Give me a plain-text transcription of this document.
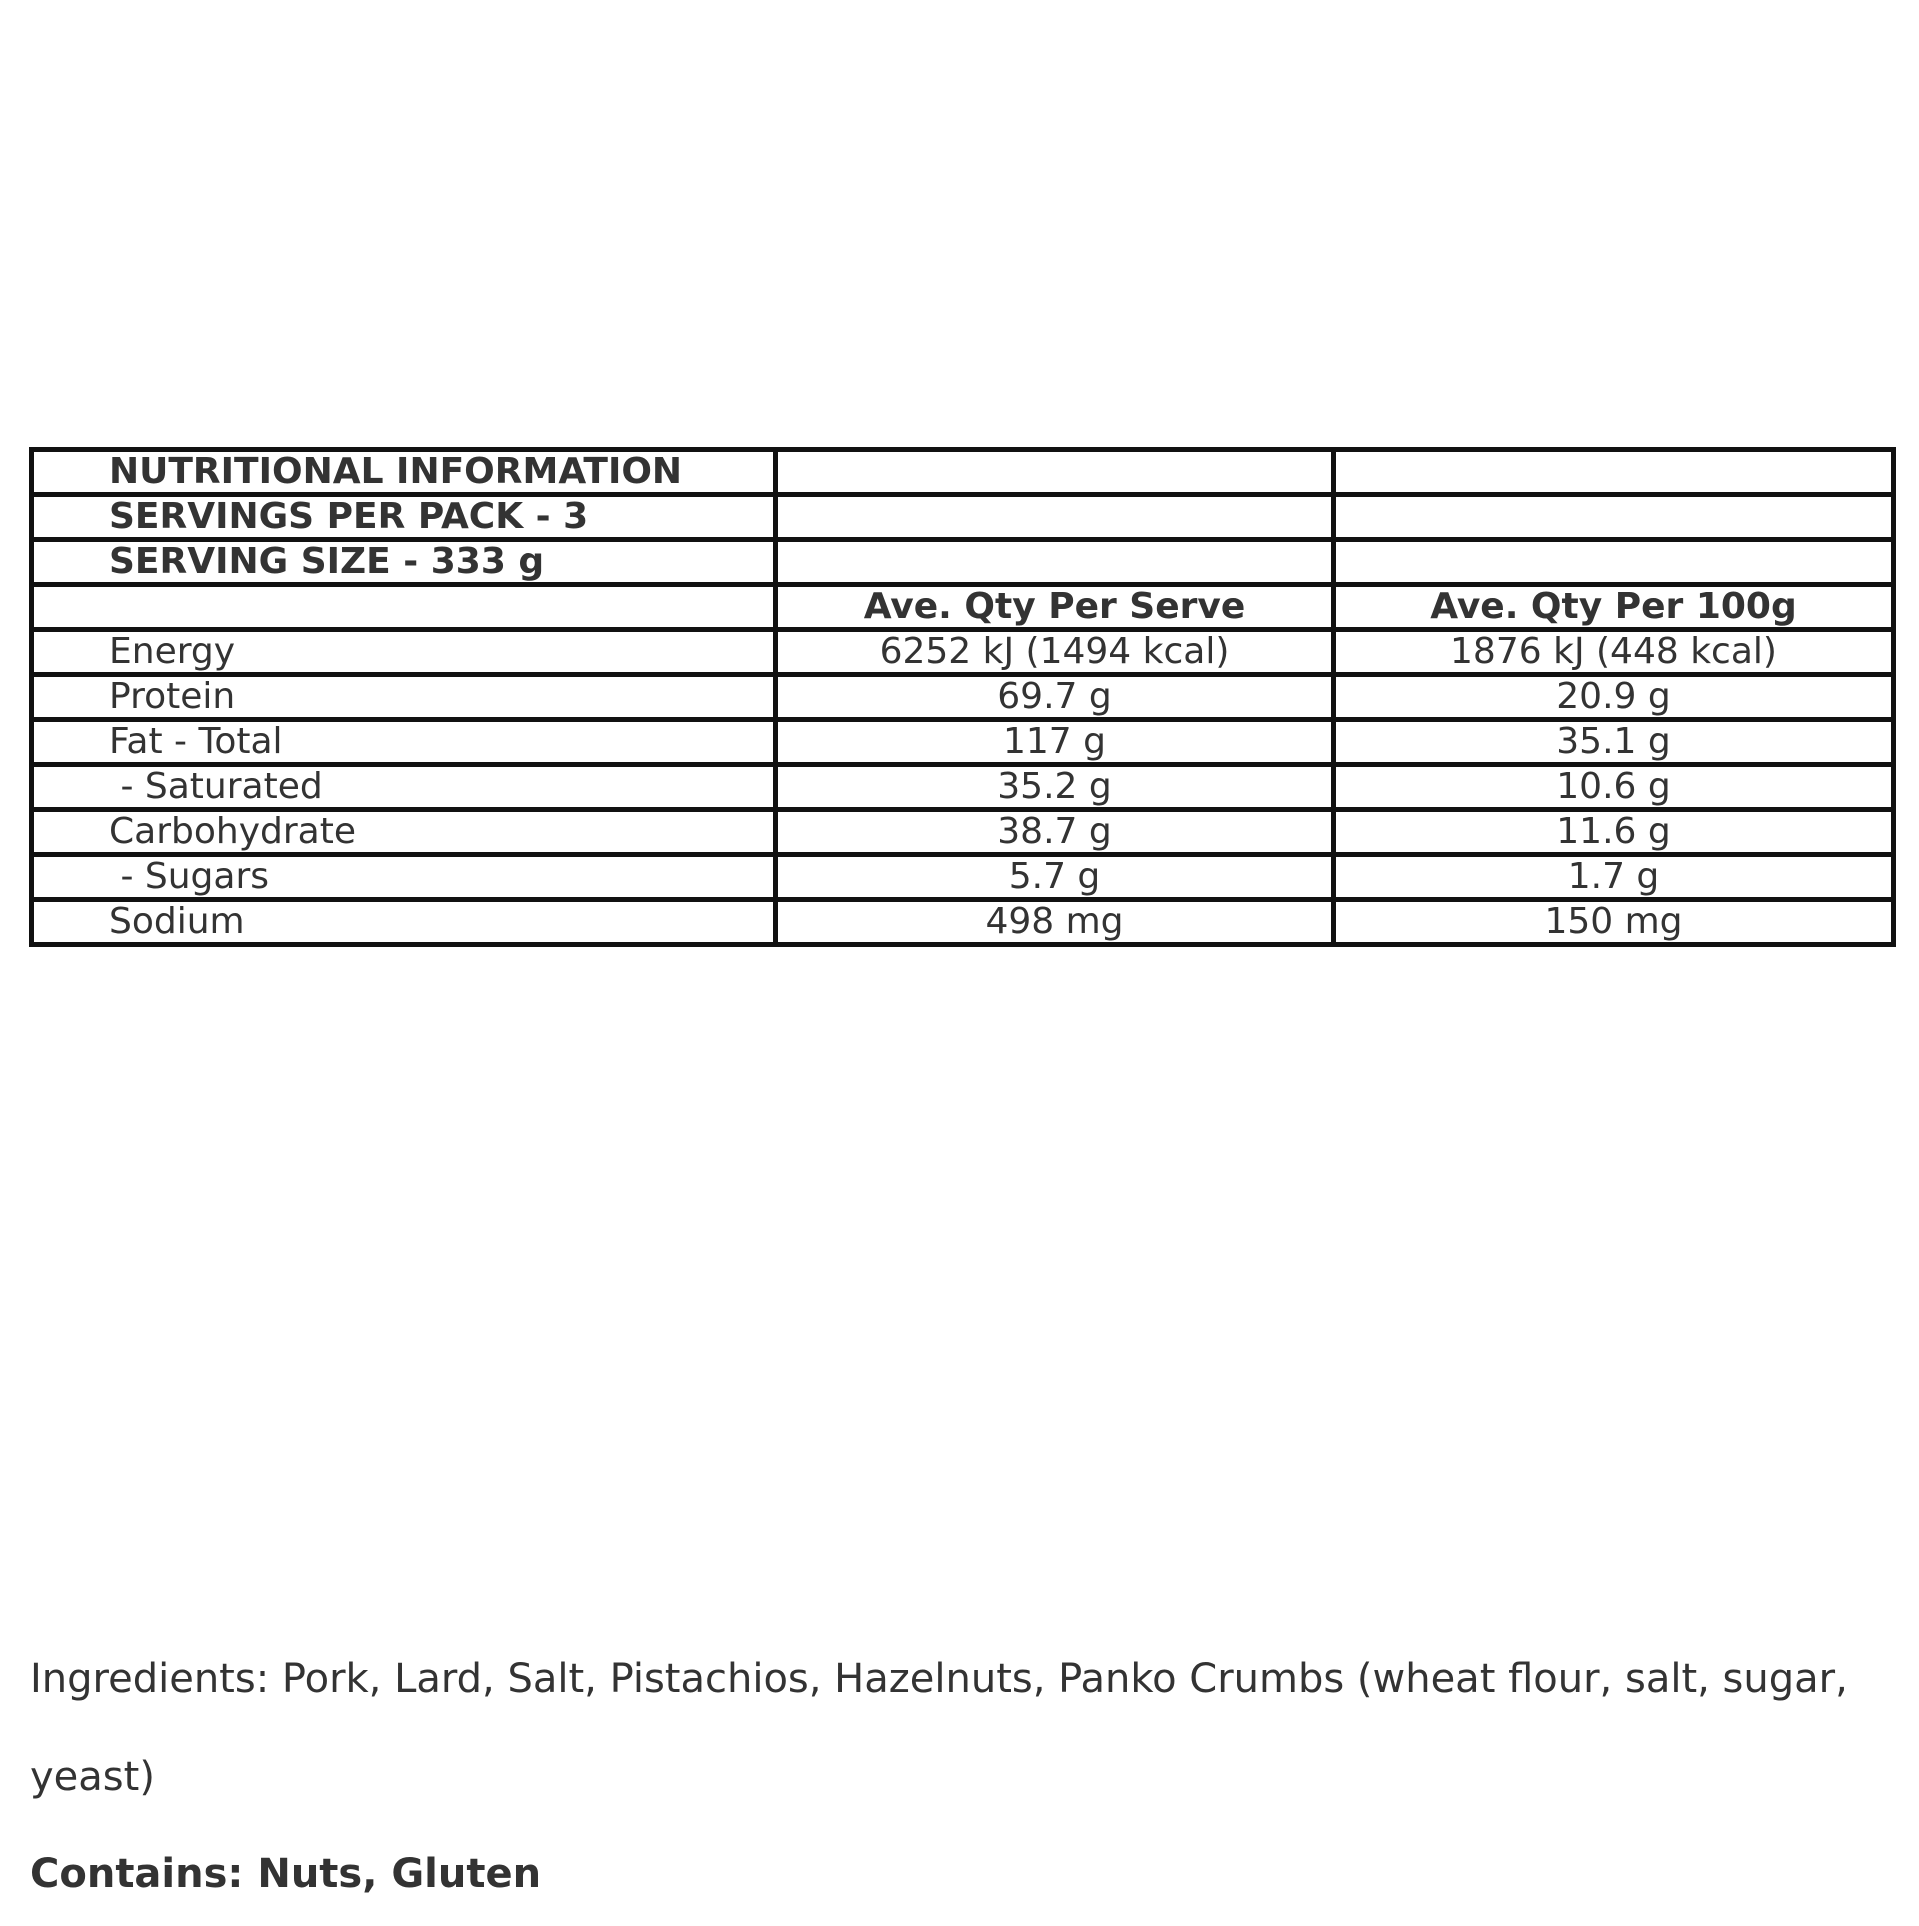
NUTRITIONAL INFORMATION		
SERVINGS PER PACK - 3		
SERVING SIZE - 333 g		
	Ave. Qty Per Serve	Ave. Qty Per 100g
Energy	6252 kJ (1494 kcal)	1876 kJ (448 kcal)
Protein	69.7 g	20.9 g
Fat - Total	117 g	35.1 g
- Saturated	35.2 g	10.6 g
Carbohydrate	38.7 g	11.6 g
- Sugars	5.7 g	1.7 g
Sodium	498 mg	150 mg

Ingredients: Pork, Lard, Salt, Pistachios, Hazelnuts, Panko Crumbs (wheat flour, salt, sugar, yeast)

Contains: Nuts, Gluten
